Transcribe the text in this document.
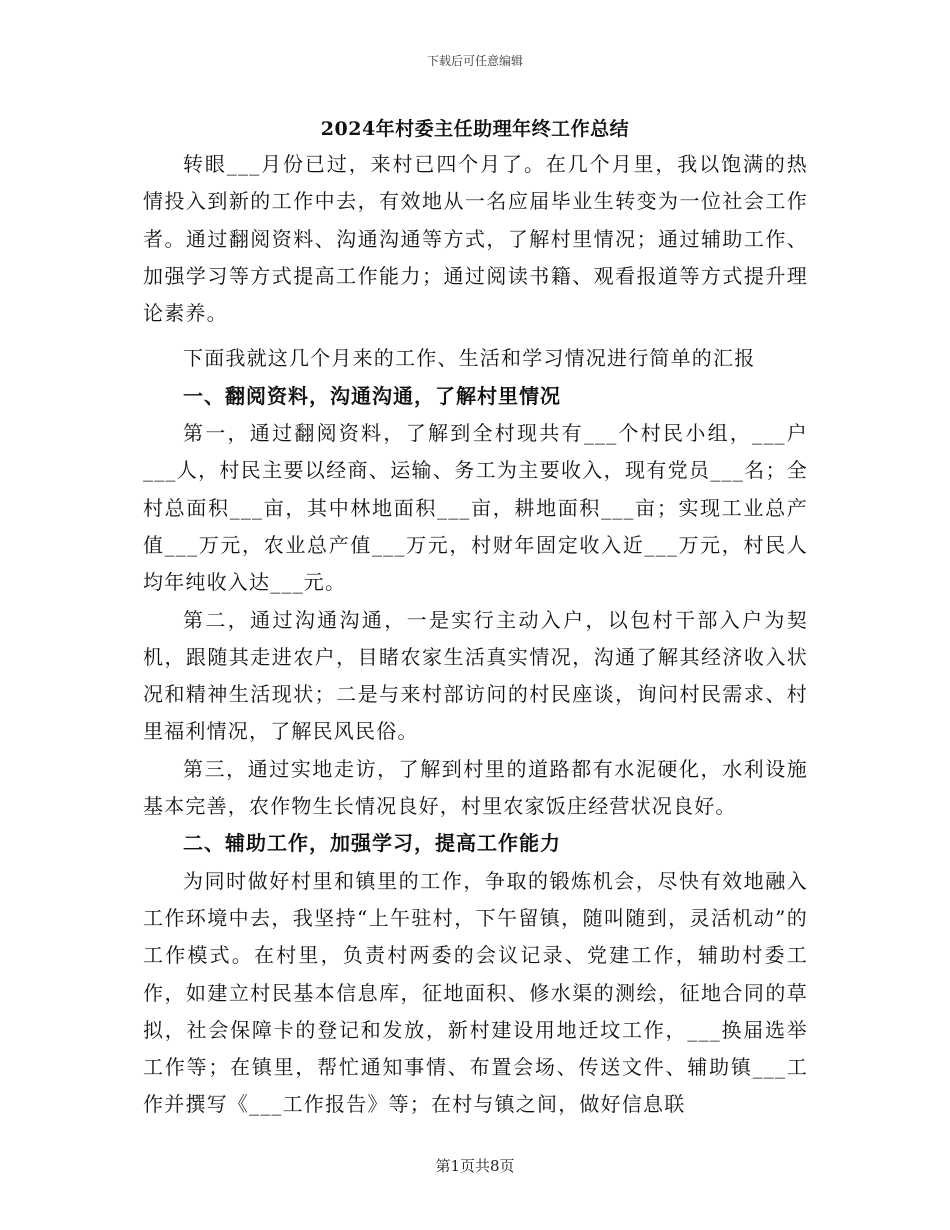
下载后可任意编辑
2024年村委主任助理年终工作总结

转眼___月份已过，来村已四个月了。在几个月里，我以饱满的热情投入到新的工作中去，有效地从一名应届毕业生转变为一位社会工作者。通过翻阅资料、沟通沟通等方式，了解村里情况；通过辅助工作、加强学习等方式提高工作能力；通过阅读书籍、观看报道等方式提升理论素养。

下面我就这几个月来的工作、生活和学习情况进行简单的汇报

一、翻阅资料，沟通沟通，了解村里情况

第一，通过翻阅资料，了解到全村现共有___个村民小组，___户___人，村民主要以经商、运输、务工为主要收入，现有党员___名；全村总面积___亩，其中林地面积___亩，耕地面积___亩；实现工业总产值___万元，农业总产值___万元，村财年固定收入近___万元，村民人均年纯收入达___元。

第二，通过沟通沟通，一是实行主动入户，以包村干部入户为契机，跟随其走进农户，目睹农家生活真实情况，沟通了解其经济收入状况和精神生活现状；二是与来村部访问的村民座谈，询问村民需求、村里福利情况，了解民风民俗。

第三，通过实地走访，了解到村里的道路都有水泥硬化，水利设施基本完善，农作物生长情况良好，村里农家饭庄经营状况良好。

二、辅助工作，加强学习，提高工作能力

为同时做好村里和镇里的工作，争取的锻炼机会，尽快有效地融入工作环境中去，我坚持“上午驻村，下午留镇，随叫随到，灵活机动”的工作模式。在村里，负责村两委的会议记录、党建工作，辅助村委工作，如建立村民基本信息库，征地面积、修水渠的测绘，征地合同的草拟，社会保障卡的登记和发放，新村建设用地迁坟工作，___换届选举工作等；在镇里，帮忙通知事情、布置会场、传送文件、辅助镇___工作并撰写《___工作报告》等；在村与镇之间，做好信息联

第1页共8页
